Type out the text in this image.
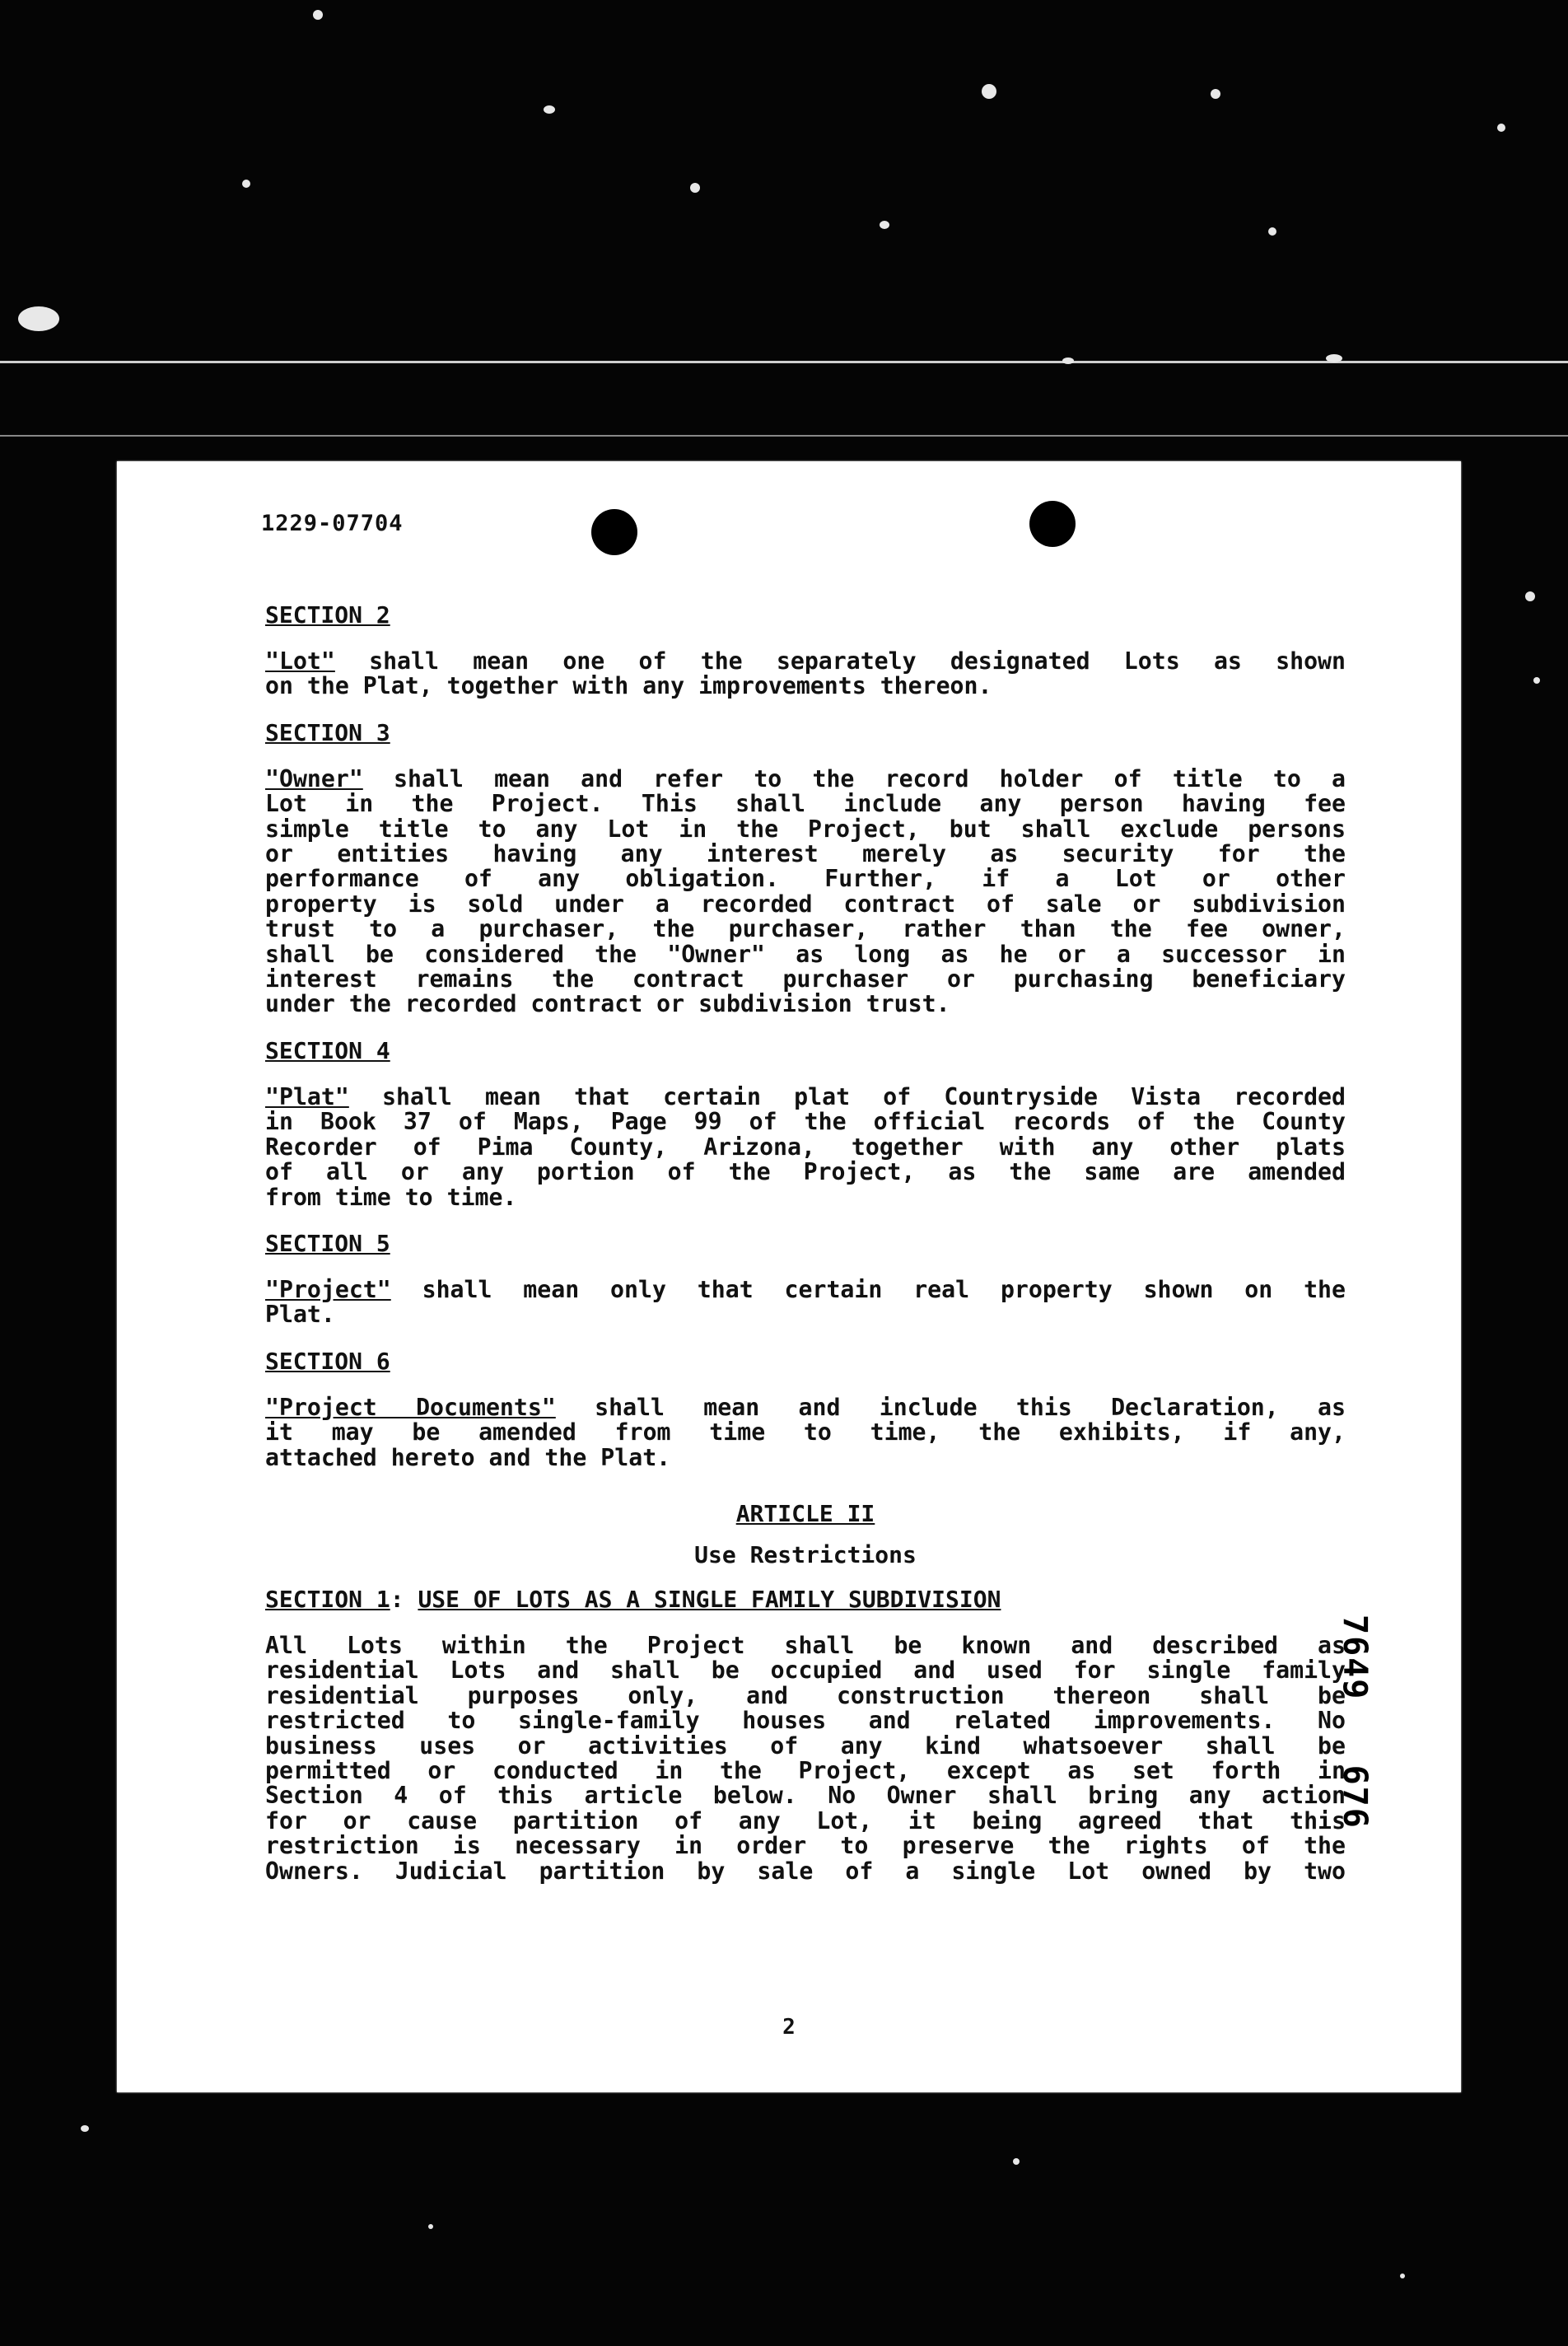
1229-07704
SECTION 2
"Lot" shall mean one of the separately designated Lots as shown
on the Plat, together with any improvements thereon.
SECTION 3
"Owner" shall mean and refer to the record holder of title to a
Lot in the Project. This shall include any person having fee
simple title to any Lot in the Project, but shall exclude persons
or entities having any interest merely as security for the
performance of any obligation. Further, if a Lot or other
property is sold under a recorded contract of sale or subdivision
trust to a purchaser, the purchaser, rather than the fee owner,
shall be considered the "Owner" as long as he or a successor in
interest remains the contract purchaser or purchasing beneficiary
under the recorded contract or subdivision trust.
SECTION 4
"Plat" shall mean that certain plat of Countryside Vista recorded
in Book 37 of Maps, Page 99 of the official records of the County
Recorder of Pima County, Arizona, together with any other plats
of all or any portion of the Project, as the same are amended
from time to time.
SECTION 5
"Project" shall mean only that certain real property shown on the
Plat.
SECTION 6
"Project Documents" shall mean and include this Declaration, as
it may be amended from time to time, the exhibits, if any,
attached hereto and the Plat.
ARTICLE II
Use Restrictions
SECTION 1: USE OF LOTS AS A SINGLE FAMILY SUBDIVISION
All Lots within the Project shall be known and described as
residential Lots and shall be occupied and used for single family
residential purposes only, and construction thereon shall be
restricted to single-family houses and related improvements. No
business uses or activities of any kind whatsoever shall be
permitted or conducted in the Project, except as set forth in
Section 4 of this article below. No Owner shall bring any action
for or cause partition of any Lot, it being agreed that this
restriction is necessary in order to preserve the rights of the
Owners. Judicial partition by sale of a single Lot owned by two
7649   676
2
